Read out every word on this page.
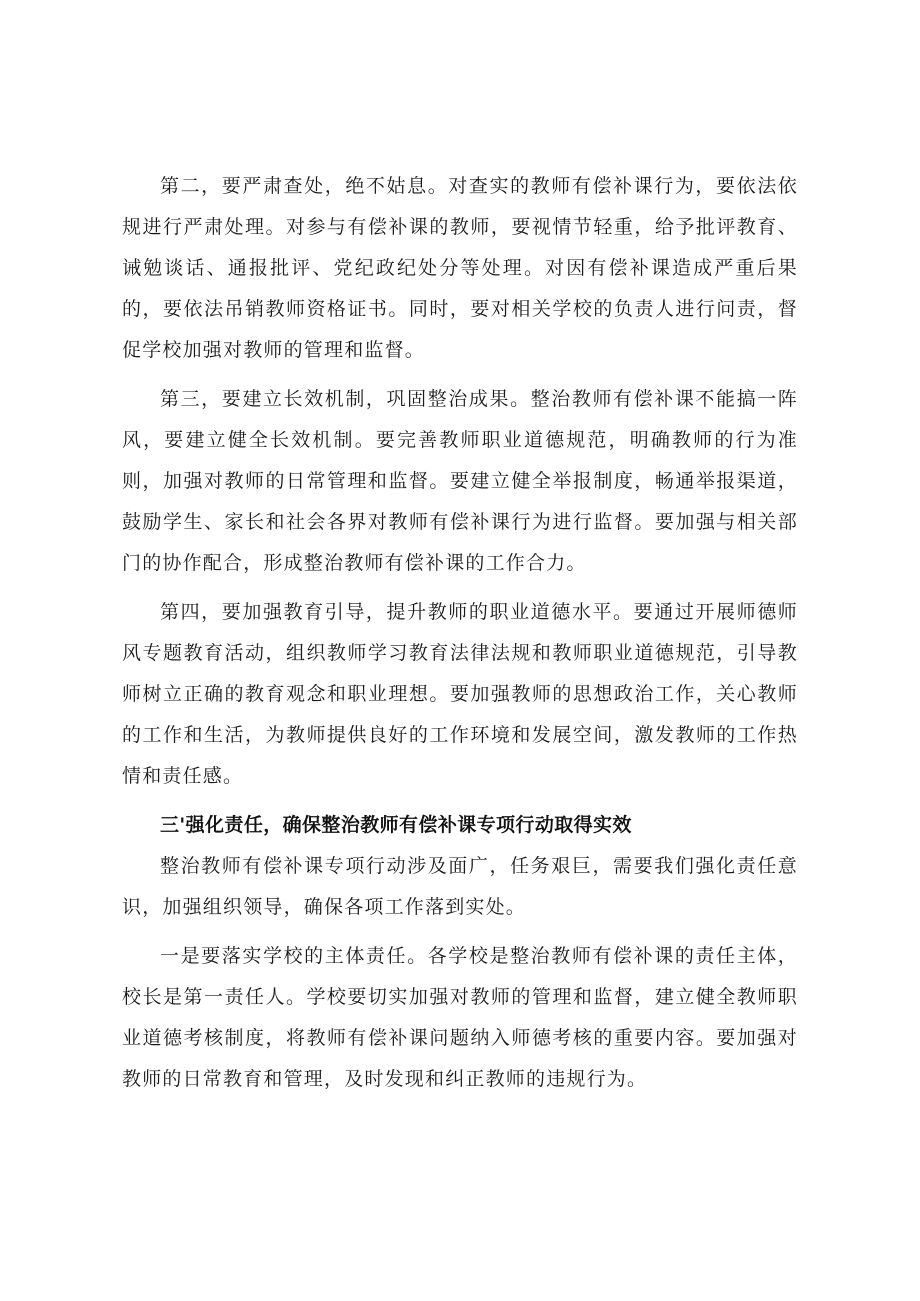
第二，要严肃查处，绝不姑息。对查实的教师有偿补课行为，要依法依规进行严肃处理。对参与有偿补课的教师，要视情节轻重，给予批评教育、诫勉谈话、通报批评、党纪政纪处分等处理。对因有偿补课造成严重后果的，要依法吊销教师资格证书。同时，要对相关学校的负责人进行问责，督促学校加强对教师的管理和监督。

第三，要建立长效机制，巩固整治成果。整治教师有偿补课不能搞一阵风，要建立健全长效机制。要完善教师职业道德规范，明确教师的行为准则，加强对教师的日常管理和监督。要建立健全举报制度，畅通举报渠道，鼓励学生、家长和社会各界对教师有偿补课行为进行监督。要加强与相关部门的协作配合，形成整治教师有偿补课的工作合力。

第四，要加强教育引导，提升教师的职业道德水平。要通过开展师德师风专题教育活动，组织教师学习教育法律法规和教师职业道德规范，引导教师树立正确的教育观念和职业理想。要加强教师的思想政治工作，关心教师的工作和生活，为教师提供良好的工作环境和发展空间，激发教师的工作热情和责任感。

三'强化责任，确保整治教师有偿补课专项行动取得实效

整治教师有偿补课专项行动涉及面广，任务艰巨，需要我们强化责任意识，加强组织领导，确保各项工作落到实处。

一是要落实学校的主体责任。各学校是整治教师有偿补课的责任主体，校长是第一责任人。学校要切实加强对教师的管理和监督，建立健全教师职业道德考核制度，将教师有偿补课问题纳入师德考核的重要内容。要加强对教师的日常教育和管理，及时发现和纠正教师的违规行为。
